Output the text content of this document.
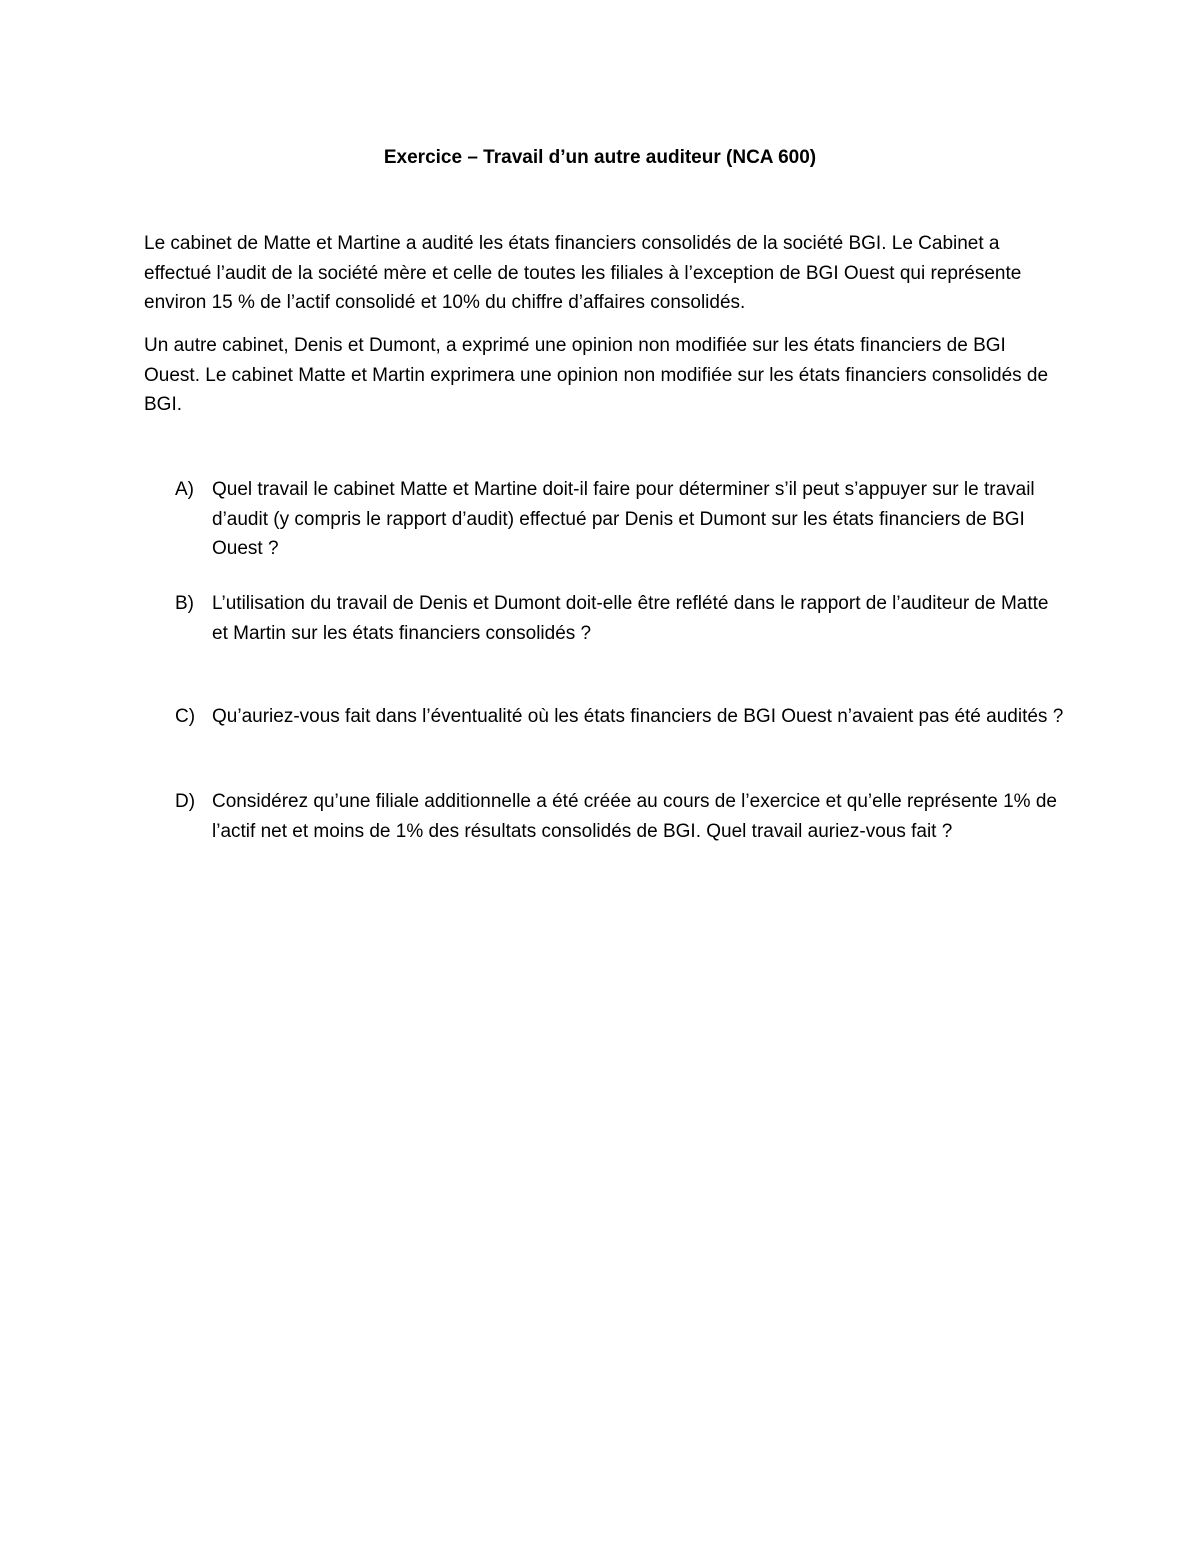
Exercice – Travail d’un autre auditeur (NCA 600)

Le cabinet de Matte et Martine a audité les états financiers consolidés de la société BGI. Le Cabinet a effectué l’audit de la société mère et celle de toutes les filiales à l’exception de BGI Ouest qui représente environ 15 % de l’actif consolidé et 10% du chiffre d’affaires consolidés.

Un autre cabinet, Denis et Dumont, a exprimé une opinion non modifiée sur les états financiers de BGI Ouest. Le cabinet Matte et Martin exprimera une opinion non modifiée sur les états financiers consolidés de BGI.

A) Quel travail le cabinet Matte et Martine doit-il faire pour déterminer s’il peut s’appuyer sur le travail d’audit (y compris le rapport d’audit) effectué par Denis et Dumont sur les états financiers de BGI Ouest ?
B) L’utilisation du travail de Denis et Dumont doit-elle être reflété dans le rapport de l’auditeur de Matte et Martin sur les états financiers consolidés ?
C) Qu’auriez-vous fait dans l’éventualité où les états financiers de BGI Ouest n’avaient pas été audités ?
D) Considérez qu’une filiale additionnelle a été créée au cours de l’exercice et qu’elle représente 1% de l’actif net et moins de 1% des résultats consolidés de BGI. Quel travail auriez-vous fait ?
